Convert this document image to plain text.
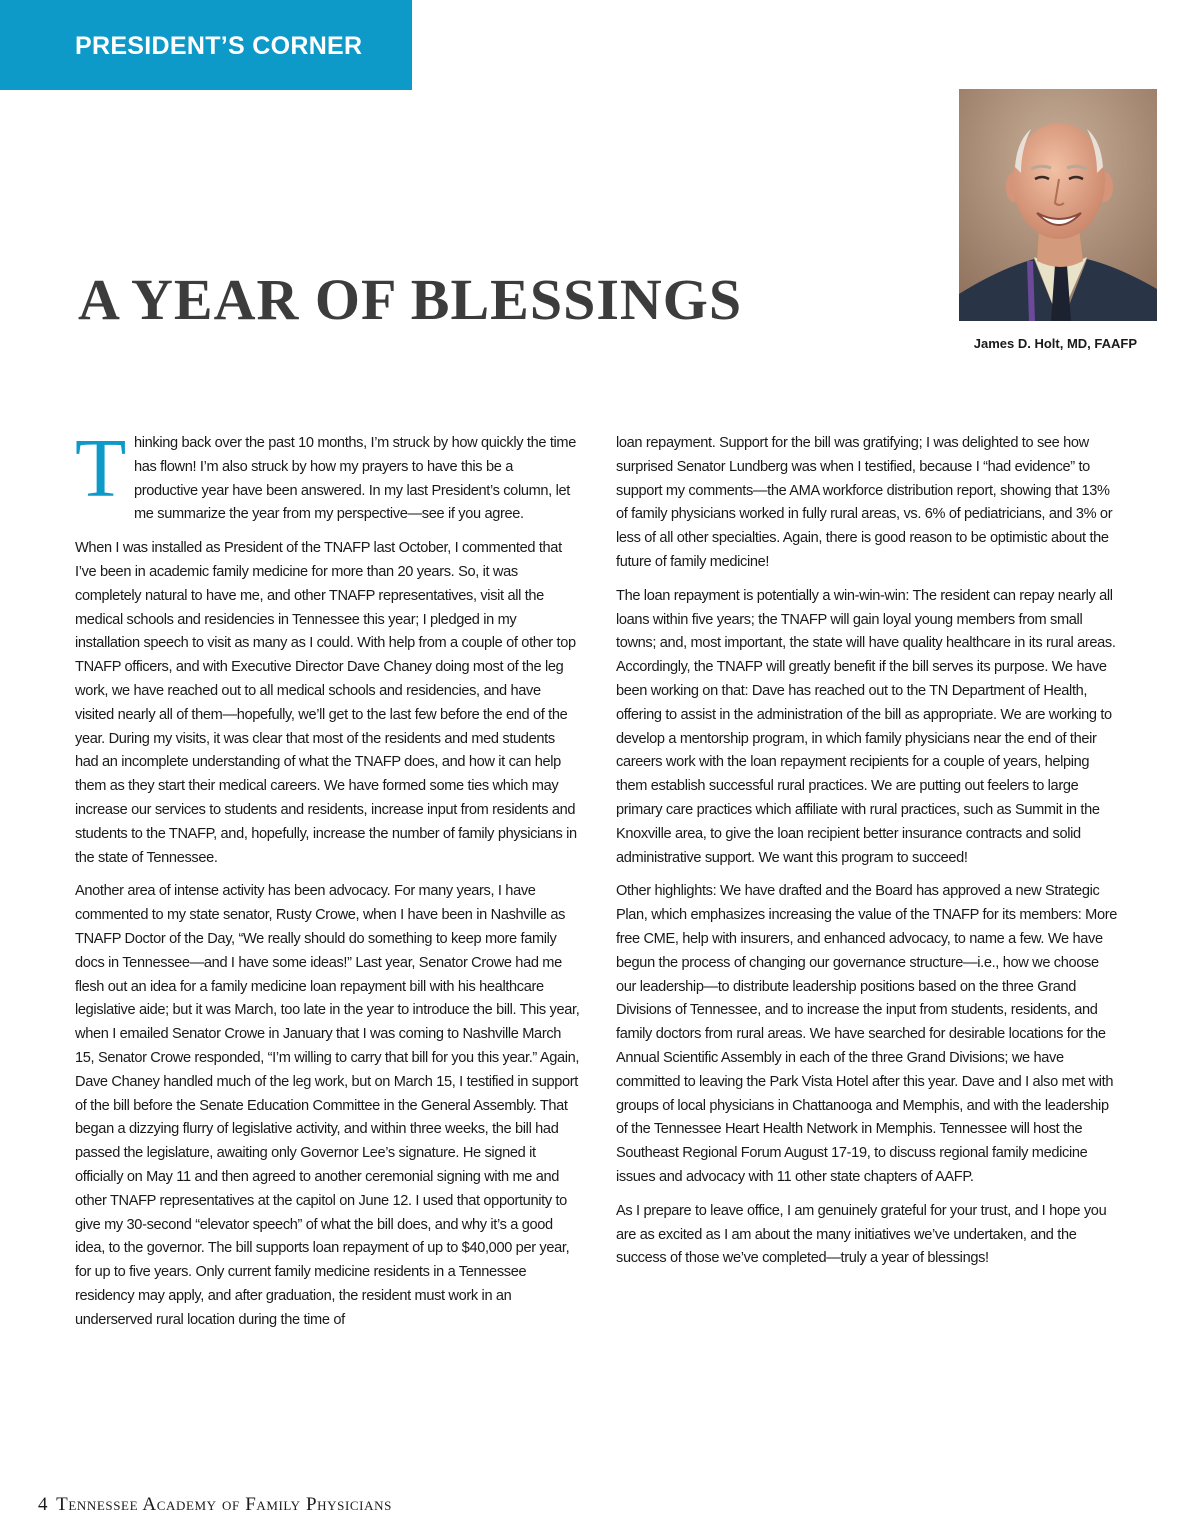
PRESIDENT’S CORNER
James D. Holt, MD, FAAFP
A YEAR OF BLESSINGS

Thinking back over the past 10 months, I’m struck by how quickly the time has flown! I’m also struck by how my prayers to have this be a productive year have been answered. In my last President’s column, let me summarize the year from my perspective—see if you agree.

When I was installed as President of the TNAFP last October, I commented that I’ve been in academic family medicine for more than 20 years. So, it was completely natural to have me, and other TNAFP representatives, visit all the medical schools and residencies in Tennessee this year; I pledged in my installation speech to visit as many as I could. With help from a couple of other top TNAFP officers, and with Executive Director Dave Chaney doing most of the leg work, we have reached out to all medical schools and residencies, and have visited nearly all of them—hopefully, we’ll get to the last few before the end of the year. During my visits, it was clear that most of the residents and med students had an incomplete understanding of what the TNAFP does, and how it can help them as they start their medical careers. We have formed some ties which may increase our services to students and residents, increase input from residents and students to the TNAFP, and, hopefully, increase the number of family physicians in the state of Tennessee.

Another area of intense activity has been advocacy. For many years, I have commented to my state senator, Rusty Crowe, when I have been in Nashville as TNAFP Doctor of the Day, “We really should do something to keep more family docs in Tennessee—and I have some ideas!” Last year, Senator Crowe had me flesh out an idea for a family medicine loan repayment bill with his healthcare legislative aide; but it was March, too late in the year to introduce the bill. This year, when I emailed Senator Crowe in January that I was coming to Nashville March 15, Senator Crowe responded, “I’m willing to carry that bill for you this year.” Again, Dave Chaney handled much of the leg work, but on March 15, I testified in support of the bill before the Senate Education Committee in the General Assembly. That began a dizzying flurry of legislative activity, and within three weeks, the bill had passed the legislature, awaiting only Governor Lee’s signature. He signed it officially on May 11 and then agreed to another ceremonial signing with me and other TNAFP representatives at the capitol on June 12. I used that opportunity to give my 30-second “elevator speech” of what the bill does, and why it’s a good idea, to the governor. The bill supports loan repayment of up to $40,000 per year, for up to five years. Only current family medicine residents in a Tennessee residency may apply, and after graduation, the resident must work in an underserved rural location during the time of

loan repayment. Support for the bill was gratifying; I was delighted to see how surprised Senator Lundberg was when I testified, because I “had evidence” to support my comments—the AMA workforce distribution report, showing that 13% of family physicians worked in fully rural areas, vs. 6% of pediatricians, and 3% or less of all other specialties. Again, there is good reason to be optimistic about the future of family medicine!

The loan repayment is potentially a win-win-win: The resident can repay nearly all loans within five years; the TNAFP will gain loyal young members from small towns; and, most important, the state will have quality healthcare in its rural areas. Accordingly, the TNAFP will greatly benefit if the bill serves its purpose. We have been working on that: Dave has reached out to the TN Department of Health, offering to assist in the administration of the bill as appropriate. We are working to develop a mentorship program, in which family physicians near the end of their careers work with the loan repayment recipients for a couple of years, helping them establish successful rural practices. We are putting out feelers to large primary care practices which affiliate with rural practices, such as Summit in the Knoxville area, to give the loan recipient better insurance contracts and solid administrative support. We want this program to succeed!

Other highlights: We have drafted and the Board has approved a new Strategic Plan, which emphasizes increasing the value of the TNAFP for its members: More free CME, help with insurers, and enhanced advocacy, to name a few. We have begun the process of changing our governance structure—i.e., how we choose our leadership—to distribute leadership positions based on the three Grand Divisions of Tennessee, and to increase the input from students, residents, and family doctors from rural areas. We have searched for desirable locations for the Annual Scientific Assembly in each of the three Grand Divisions; we have committed to leaving the Park Vista Hotel after this year. Dave and I also met with groups of local physicians in Chattanooga and Memphis, and with the leadership of the Tennessee Heart Health Network in Memphis. Tennessee will host the Southeast Regional Forum August 17-19, to discuss regional family medicine issues and advocacy with 11 other state chapters of AAFP.

As I prepare to leave office, I am genuinely grateful for your trust, and I hope you are as excited as I am about the many initiatives we’ve undertaken, and the success of those we’ve completed—truly a year of blessings!

4 Tennessee Academy of Family Physicians
